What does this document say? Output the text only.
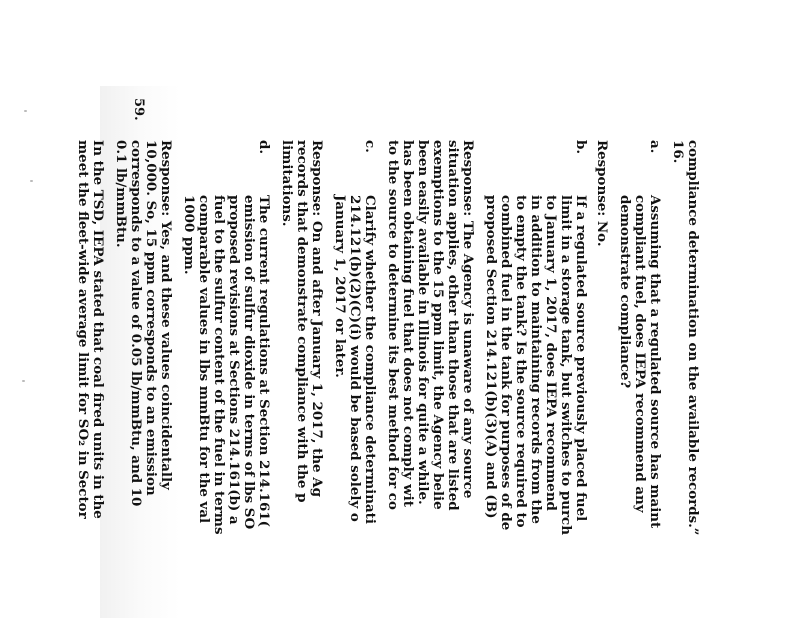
compliance determination on the available records.”
16.
a.
Assuming that a regulated source has maint
compliant fuel, does IEPA recommend any
demonstrate compliance?
Response: No.
b.
If a regulated source previously placed fuel
limit in a storage tank, but switches to purch
to January 1, 2017, does IEPA recommend
in addition to maintaining records from the
to empty the tank? Is the source required to
combined fuel in the tank for purposes of de
proposed Section 214.121(b)(3)(A) and (B)
Response: The Agency is unaware of any source
situation applies, other than those that are listed
exemptions to the 15 ppm limit, the Agency belie
been easily available in Illinois for quite a while.
has been obtaining fuel that does not comply wit
to the source to determine its best method for co
c.
Clarify whether the compliance determinati
214.121(b)(2)(C)(i) would be based solely o
January 1, 2017 or later.
Response: On and after January 1, 2017, the Ag
records that demonstrate compliance with the p
limitations.
d.
The current regulations at Section 214.161(
emission of sulfur dioxide in terms of lbs SO
proposed revisions at Sections 214.161(b) a
fuel to the sulfur content of the fuel in terms
comparable values in lbs mmBtu for the val
1000 ppm.
Response: Yes, and these values coincidentally
10,000. So, 15 ppm corresponds to an emission
corresponds to a value of 0.05 lb/mmBtu, and 10
0.1 lb/mmBtu.
In the TSD, IEPA stated that coal fired units in the
meet the fleet-wide average limit for SO₂ in Sector
59.
